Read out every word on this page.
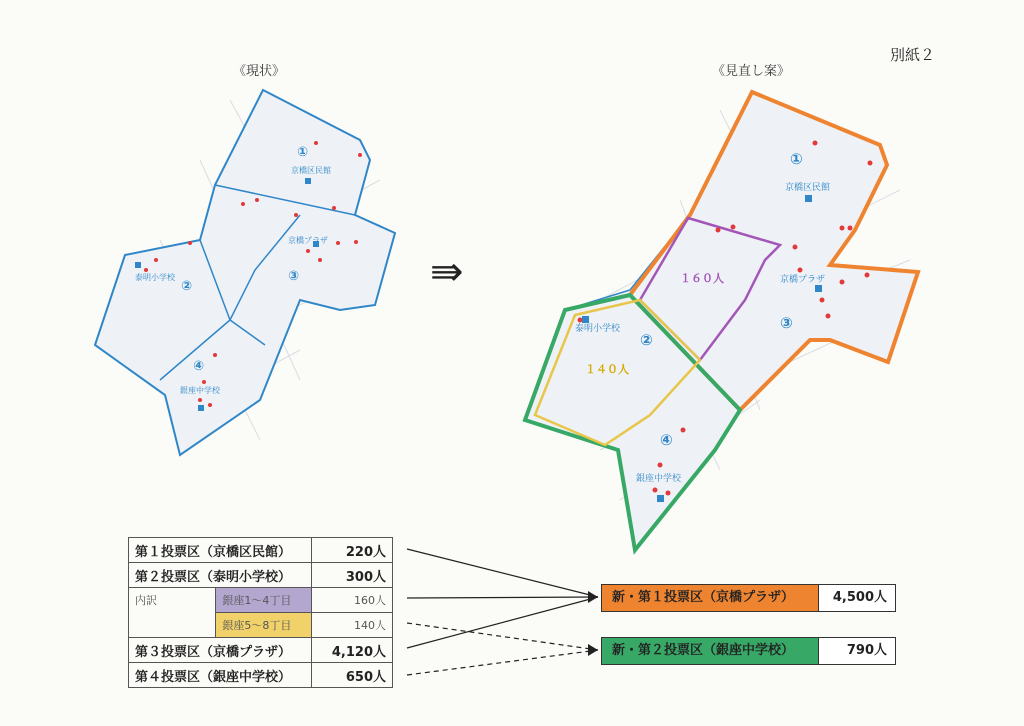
別紙２
《現状》	《見直し案》
①
②
③
④
京橋区民館
泰明小学校
京橋プラザ
銀座中学校
⇛	１６０人
１４０人
①
②
③
④
京橋区民館
泰明小学校
京橋プラザ
銀座中学校
第１投票区（京橋区民館）		220人
第２投票区（泰明小学校）		300人
内訳	銀座1～4丁目	160人
	銀座5～8丁目	140人
第３投票区（京橋プラザ）		4,120人
第４投票区（銀座中学校）		650人
新・第１投票区（京橋プラザ）	4,500人
新・第２投票区（銀座中学校）	790人
